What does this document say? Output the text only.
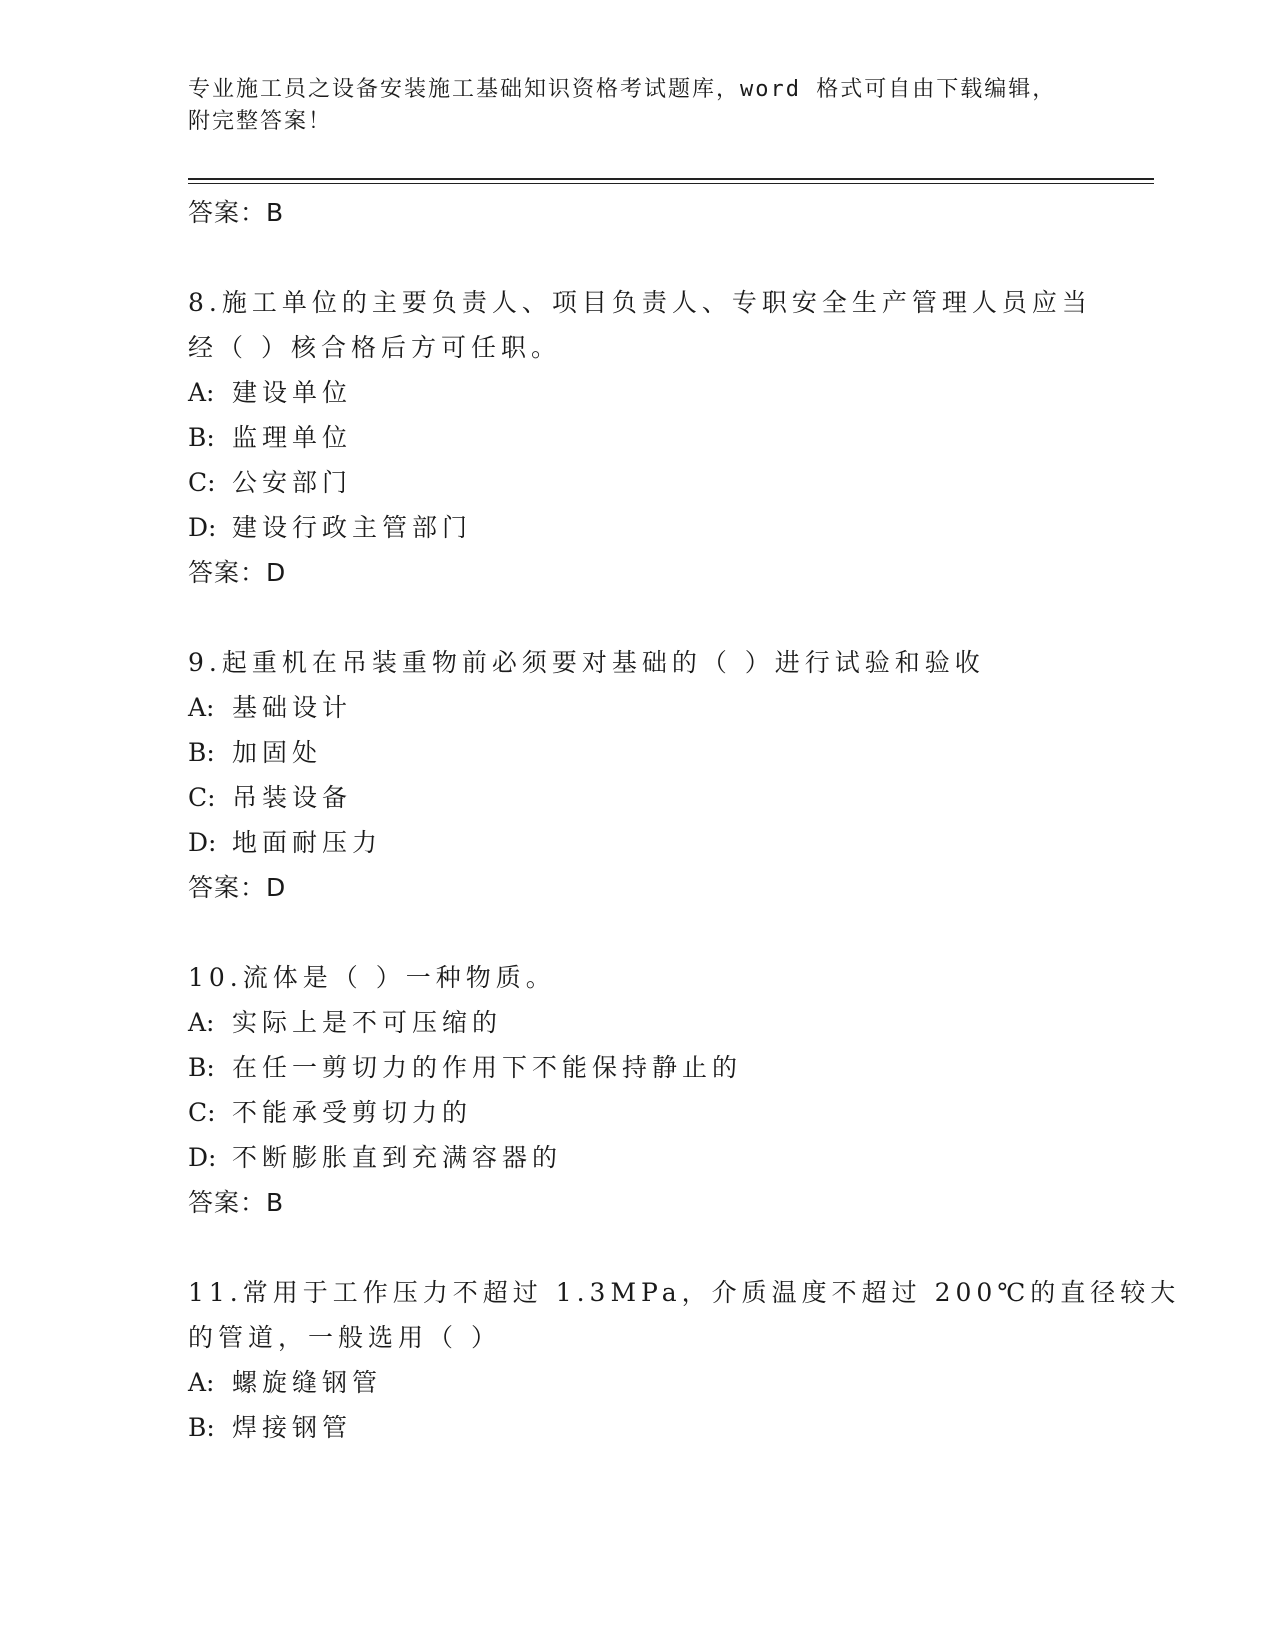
专业施工员之设备安装施工基础知识资格考试题库，word 格式可自由下载编辑，
附完整答案！
答案：B
8.施工单位的主要负责人、项目负责人、专职安全生产管理人员应当
经（ ）核合格后方可任职。
A: 建设单位
B: 监理单位
C: 公安部门
D: 建设行政主管部门
答案：D
9.起重机在吊装重物前必须要对基础的（ ）进行试验和验收
A: 基础设计
B: 加固处
C: 吊装设备
D: 地面耐压力
答案：D
10.流体是（ ）一种物质。
A: 实际上是不可压缩的
B: 在任一剪切力的作用下不能保持静止的
C: 不能承受剪切力的
D: 不断膨胀直到充满容器的
答案：B
11.常用于工作压力不超过 1.3MPa，介质温度不超过 200℃的直径较大
的管道，一般选用（ ）
A: 螺旋缝钢管
B: 焊接钢管
